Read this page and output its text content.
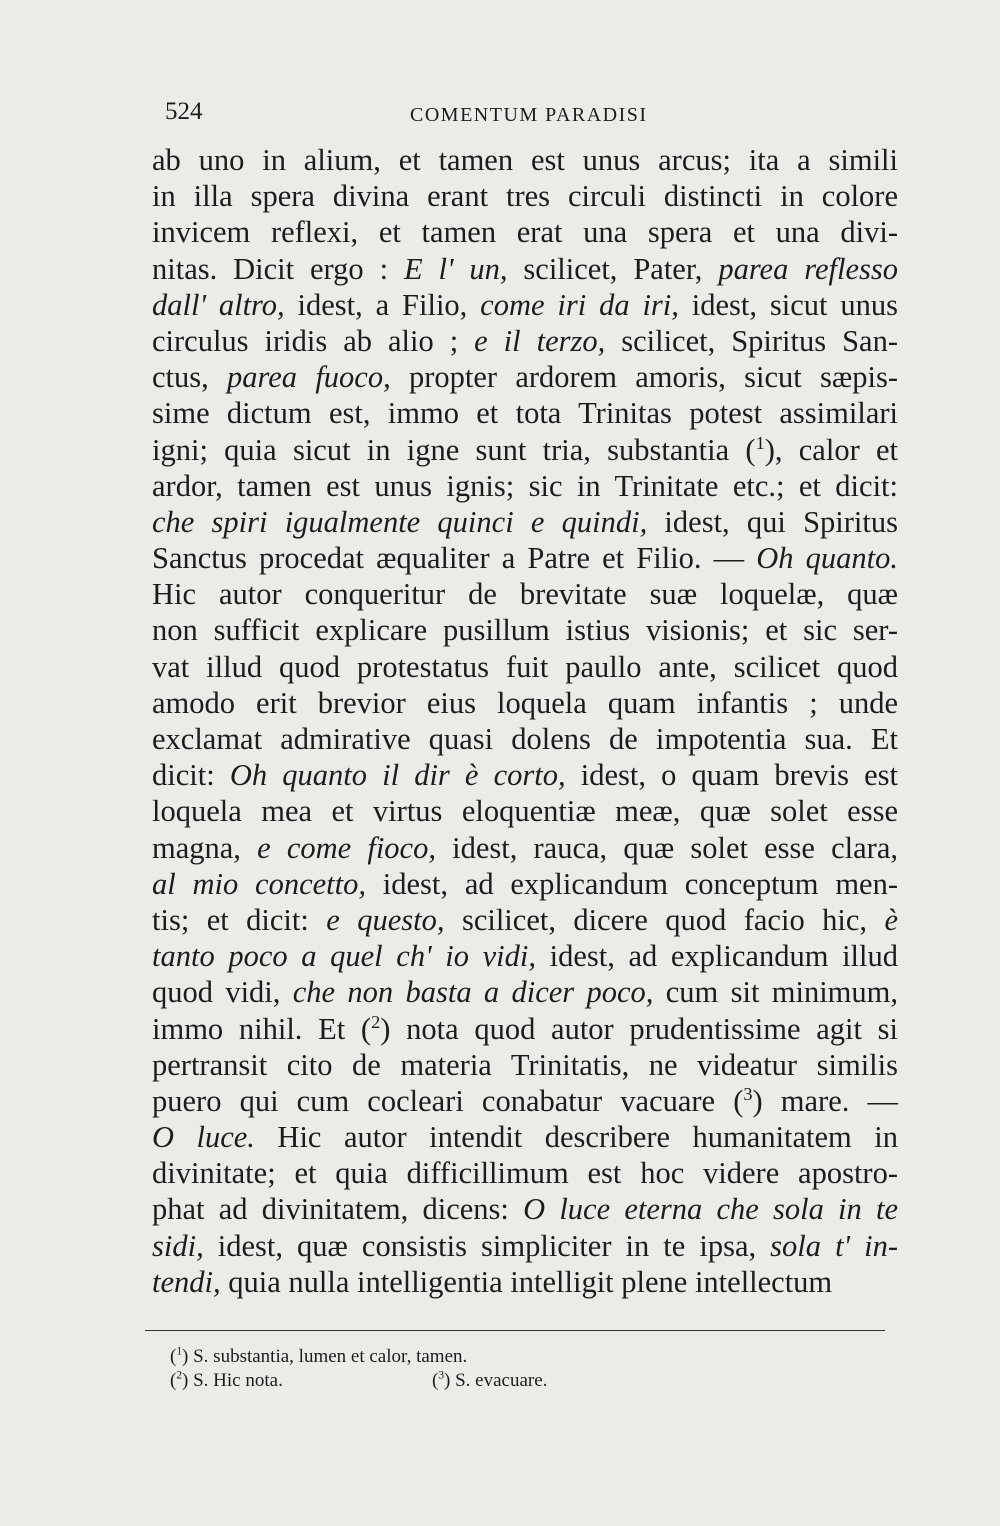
524	COMENTUM PARADISI
ab uno in alium, et tamen est unus arcus; ita a simili
in illa spera divina erant tres circuli distincti in colore
invicem reflexi, et tamen erat una spera et una divi-
nitas. Dicit ergo : E l' un, scilicet, Pater, parea reflesso
dall' altro, idest, a Filio, come iri da iri, idest, sicut unus
circulus iridis ab alio ; e il terzo, scilicet, Spiritus San-
ctus, parea fuoco, propter ardorem amoris, sicut sæpis-
sime dictum est, immo et tota Trinitas potest assimilari
igni; quia sicut in igne sunt tria, substantia ($^1$), calor et
ardor, tamen est unus ignis; sic in Trinitate etc.; et dicit:
che spiri igualmente quinci e quindi, idest, qui Spiritus
Sanctus procedat æqualiter a Patre et Filio. — Oh quanto.
Hic autor conqueritur de brevitate suæ loquelæ, quæ
non sufficit explicare pusillum istius visionis; et sic ser-
vat illud quod protestatus fuit paullo ante, scilicet quod
amodo erit brevior eius loquela quam infantis ; unde
exclamat admirative quasi dolens de impotentia sua. Et
dicit: Oh quanto il dir è corto, idest, o quam brevis est
loquela mea et virtus eloquentiæ meæ, quæ solet esse
magna, e come fioco, idest, rauca, quæ solet esse clara,
al mio concetto, idest, ad explicandum conceptum men-
tis; et dicit: e questo, scilicet, dicere quod facio hic, è
tanto poco a quel ch' io vidi, idest, ad explicandum illud
quod vidi, che non basta a dicer poco, cum sit minimum,
immo nihil. Et ($^2$) nota quod autor prudentissime agit si
pertransit cito de materia Trinitatis, ne videatur similis
puero qui cum cocleari conabatur vacuare ($^3$) mare. —
O luce. Hic autor intendit describere humanitatem in
divinitate; et quia difficillimum est hoc videre apostro-
phat ad divinitatem, dicens: O luce eterna che sola in te
sidi, idest, quæ consistis simpliciter in te ipsa, sola t' in-
tendi, quia nulla intelligentia intelligit plene intellectum
($^1$) S. substantia, lumen et calor, tamen.
($^2$) S. Hic nota.	($^3$) S. evacuare.
